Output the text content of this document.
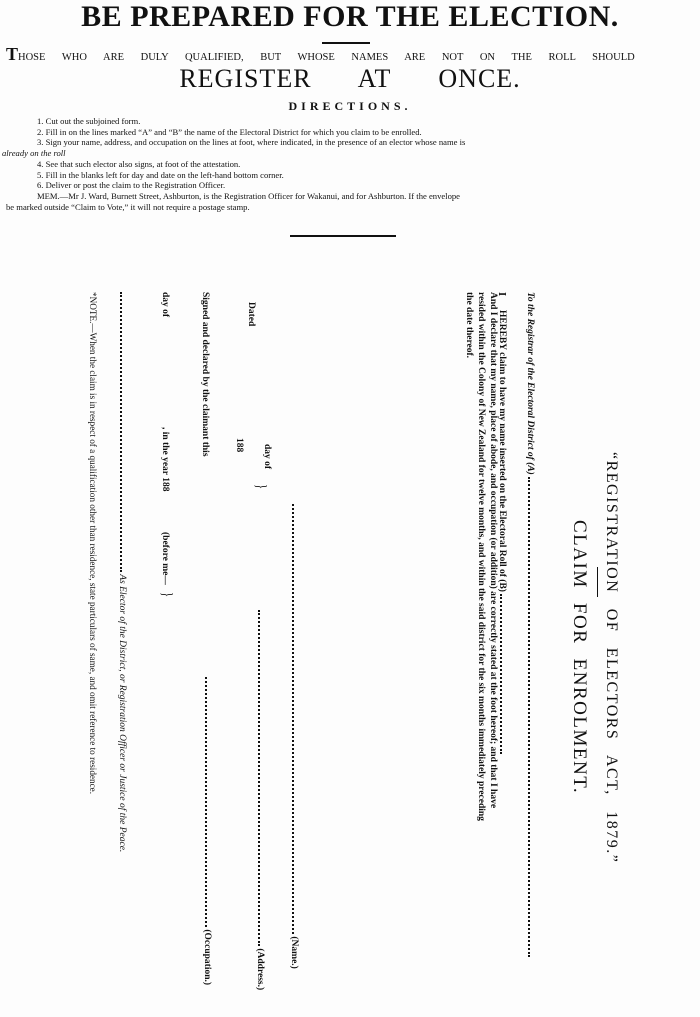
BE PREPARED FOR THE ELECTION.
THOSE WHO ARE DULY QUALIFIED, BUT WHOSE NAMES ARE NOT ON THE ROLL SHOULD
REGISTER AT ONCE.
DIRECTIONS.
1. Cut out the subjoined form.
2. Fill in on the lines marked “A” and “B” the name of the Electoral District for which you claim to be enrolled.
3. Sign your name, address, and occupation on the lines at foot, where indicated, in the presence of an elector whose name is
already on the roll
4. See that such elector also signs, at foot of the attestation.
5. Fill in the blanks left for day and date on the left-hand bottom corner.
6. Deliver or post the claim to the Registration Officer.
MEM.—Mr J. Ward, Burnett Street, Ashburton, is the Registration Officer for Wakanui, and for Ashburton. If the envelope
be marked outside “Claim to Vote,” it will not require a postage stamp.
“REGISTRATION OF ELECTORS ACT, 1879.”
CLAIM FOR ENROLMENT.
To the Registrar of the Electoral District of (A)
I
HEREBY claim to have my name inserted on the Electoral Roll of (B)
And I declare that my name, place of abode, and occupation (or addition) are correctly stated at the foot hereof; and that I have
resided within the Colony of New Zealand for twelve months, and within the said district for the six months immediately preceding
the date thereof.
(Name.)
(Address.)
(Occupation.)
Dated
day of
188
}
Signed and declared by the claimant this
day of
, in the year 188
(before me—
}
As Elector of the District, or Registration Officer or Justice of the Peace.
*NOTE.—When the claim is in respect of a qualification other than residence, state particulars of same, and omit reference to residence.
